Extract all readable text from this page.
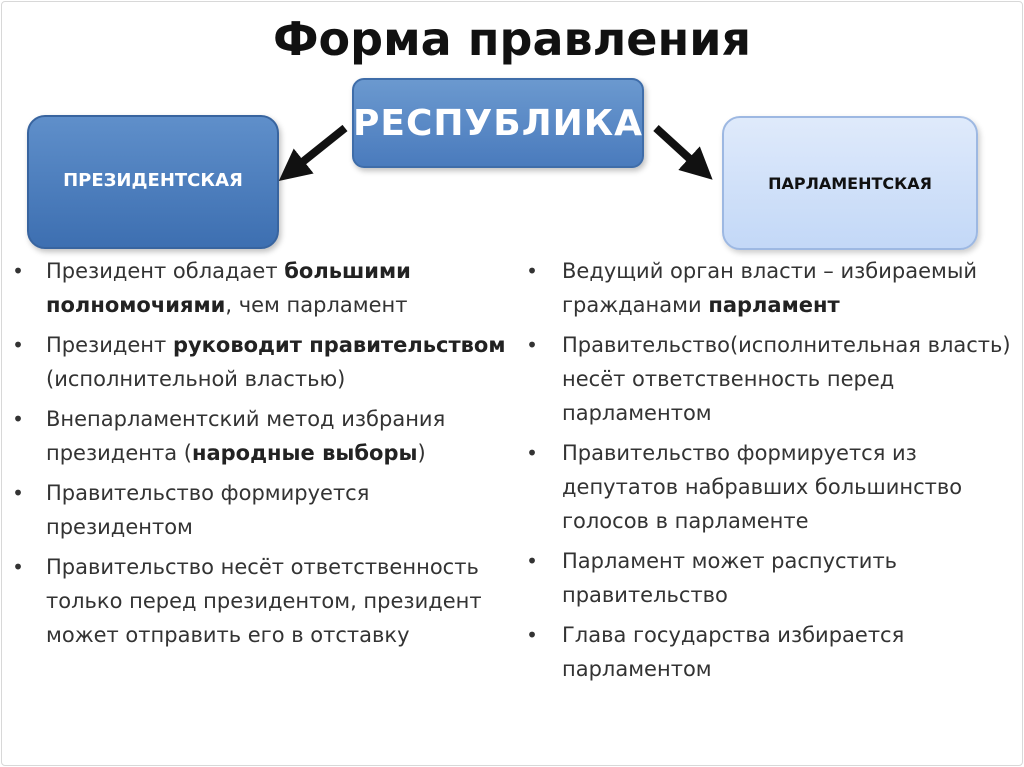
Форма правления
РЕСПУБЛИКА
ПРЕЗИДЕНТСКАЯ	ПАРЛАМЕНТСКАЯ
• Президент обладает большими полномочиями, чем парламент
• Президент руководит правительством (исполнительной властью)
• Внепарламентский метод избрания президента (народные выборы)
• Правительство формируется президентом
• Правительство несёт ответственность только перед президентом, президент может отправить его в отставку
• Ведущий орган власти – избираемый гражданами парламент
• Правительство(исполнительная власть) несёт ответственность перед парламентом
• Правительство формируется из депутатов набравших большинство голосов в парламенте
• Парламент может распустить правительство
• Глава государства избирается парламентом
